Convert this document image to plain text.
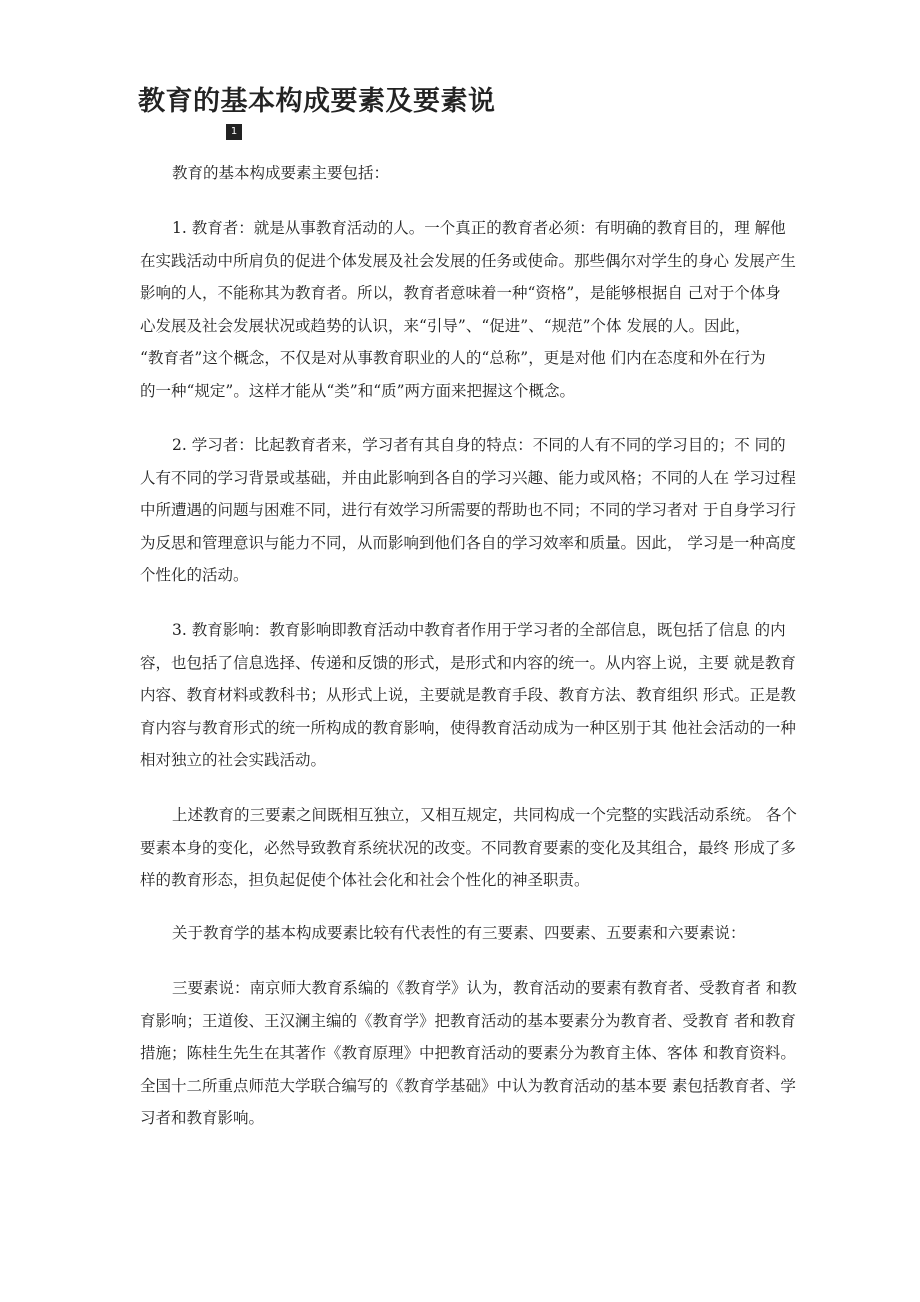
教育的基本构成要素及要素说
1
教育的基本构成要素主要包括：
1. 教育者：就是从事教育活动的人。一个真正的教育者必须：有明确的教育目的，理 解他
在实践活动中所肩负的促进个体发展及社会发展的任务或使命。那些偶尔对学生的身心 发展产生
影响的人，不能称其为教育者。所以，教育者意味着一种“资格”，是能够根据自 己对于个体身
心发展及社会发展状况或趋势的认识，来“引导”、“促进”、“规范”个体 发展的人。因此，
“教育者”这个概念，不仅是对从事教育职业的人的“总称”，更是对他 们内在态度和外在行为
的一种“规定”。这样才能从“类”和“质”两方面来把握这个概念。
2. 学习者：比起教育者来，学习者有其自身的特点：不同的人有不同的学习目的；不 同的
人有不同的学习背景或基础，并由此影响到各自的学习兴趣、能力或风格；不同的人在 学习过程
中所遭遇的问题与困难不同，进行有效学习所需要的帮助也不同；不同的学习者对 于自身学习行
为反思和管理意识与能力不同，从而影响到他们各自的学习效率和质量。因此， 学习是一种高度
个性化的活动。
3. 教育影响：教育影响即教育活动中教育者作用于学习者的全部信息，既包括了信息 的内
容，也包括了信息选择、传递和反馈的形式，是形式和内容的统一。从内容上说，主要 就是教育
内容、教育材料或教科书；从形式上说，主要就是教育手段、教育方法、教育组织 形式。正是教
育内容与教育形式的统一所构成的教育影响，使得教育活动成为一种区别于其 他社会活动的一种
相对独立的社会实践活动。
上述教育的三要素之间既相互独立，又相互规定，共同构成一个完整的实践活动系统。 各个
要素本身的变化，必然导致教育系统状况的改变。不同教育要素的变化及其组合，最终 形成了多
样的教育形态，担负起促使个体社会化和社会个性化的神圣职责。
关于教育学的基本构成要素比较有代表性的有三要素、四要素、五要素和六要素说：
三要素说：南京师大教育系编的《教育学》认为，教育活动的要素有教育者、受教育者 和教
育影响；王道俊、王汉澜主编的《教育学》把教育活动的基本要素分为教育者、受教育 者和教育
措施；陈桂生先生在其著作《教育原理》中把教育活动的要素分为教育主体、客体 和教育资料。
全国十二所重点师范大学联合编写的《教育学基础》中认为教育活动的基本要 素包括教育者、学
习者和教育影响。
